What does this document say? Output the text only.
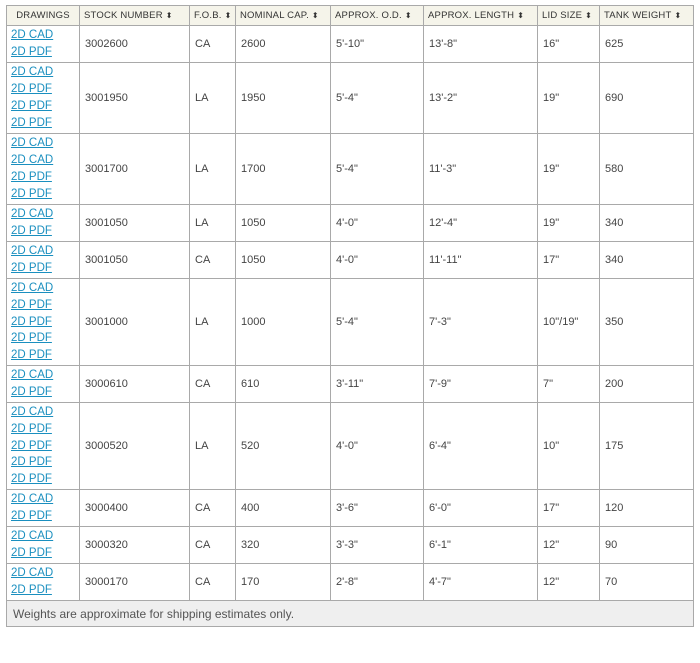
DRAWINGS	STOCK NUMBER ⬍	F.O.B. ⬍	NOMINAL CAP. ⬍	APPROX. O.D. ⬍	APPROX. LENGTH ⬍	LID SIZE ⬍	TANK WEIGHT ⬍

2D CAD
2D PDF	3002600	CA	2600	5'-10"	13'-8"	16"	625

2D CAD
2D PDF
2D PDF
2D PDF	3001950	LA	1950	5'-4"	13'-2"	19"	690

2D CAD
2D CAD
2D PDF
2D PDF	3001700	LA	1700	5'-4"	11'-3"	19"	580

2D CAD
2D PDF	3001050	LA	1050	4'-0"	12'-4"	19"	340

2D CAD
2D PDF	3001050	CA	1050	4'-0"	11'-11"	17"	340

2D CAD
2D PDF
2D PDF
2D PDF
2D PDF	3001000	LA	1000	5'-4"	7'-3"	10"/19"	350

2D CAD
2D PDF	3000610	CA	610	3'-11"	7'-9"	7"	200

2D CAD
2D PDF
2D PDF
2D PDF
2D PDF	3000520	LA	520	4'-0"	6'-4"	10"	175

2D CAD
2D PDF	3000400	CA	400	3'-6"	6'-0"	17"	120

2D CAD
2D PDF	3000320	CA	320	3'-3"	6'-1"	12"	90

2D CAD
2D PDF	3000170	CA	170	2'-8"	4'-7"	12"	70
Weights are approximate for shipping estimates only.							
